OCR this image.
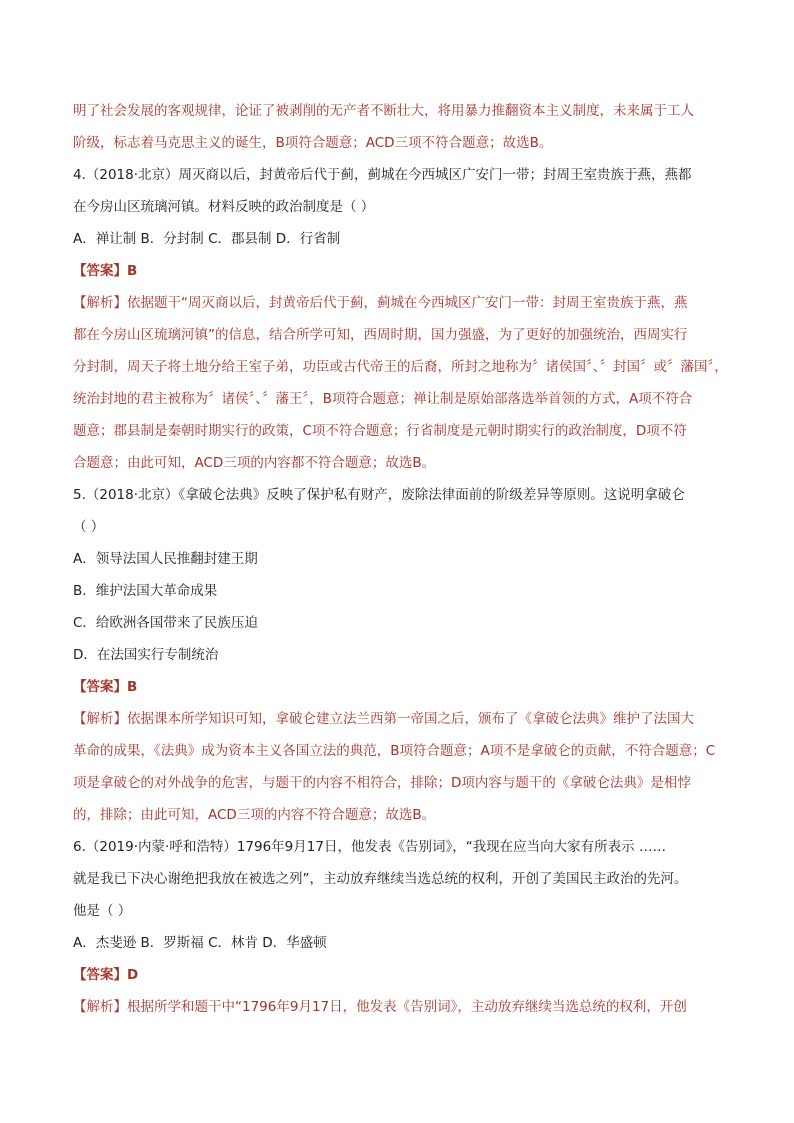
明了社会发展的客观规律，论证了被剥削的无产者不断壮大，将用暴力推翻资本主义制度，未来属于工人
阶级，标志着马克思主义的诞生，B项符合题意；ACD三项不符合题意；故选B。
4.（2018·北京）周灭商以后，封黄帝后代于蓟，蓟城在今西城区广安门一带；封周王室贵族于燕，燕都
在今房山区琉璃河镇。材料反映的政治制度是（ ）
A．禅让制 B．分封制 C．郡县制 D．行省制
【答案】B
【解析】依据题干“周灭商以后，封黄帝后代于蓟，蓟城在今西城区广安门一带：封周王室贵族于燕，燕
都在今房山区琉璃河镇”的信息，结合所学可知，西周时期，国力强盛，为了更好的加强统治，西周实行
分封制，周天子将土地分给王室子弟，功臣或古代帝王的后裔，所封之地称为〞诸侯国〞、〞封国〞或〞藩国〞，
统治封地的君主被称为〞诸侯〞、〞藩王〞，B项符合题意；禅让制是原始部落选举首领的方式，A项不符合
题意；郡县制是秦朝时期实行的政策，C项不符合题意；行省制度是元朝时期实行的政治制度，D项不符
合题意；由此可知，ACD三项的内容都不符合题意；故选B。
5.（2018·北京）《拿破仑法典》反映了保护私有财产，废除法律面前的阶级差异等原则。这说明拿破仑
（ ）
A．领导法国人民推翻封建王期
B．维护法国大革命成果
C．给欧洲各国带来了民族压迫
D．在法国实行专制统治
【答案】B
【解析】依据课本所学知识可知，拿破仑建立法兰西第一帝国之后，颁布了《拿破仑法典》维护了法国大
革命的成果，《法典》成为资本主义各国立法的典范，B项符合题意；A项不是拿破仑的贡献，不符合题意；C
项是拿破仑的对外战争的危害，与题干的内容不相符合，排除；D项内容与题干的《拿破仑法典》是相悖
的，排除；由此可知，ACD三项的内容不符合题意；故选B。
6.（2019·内蒙·呼和浩特）1796年9月17日，他发表《告别词》，“我现在应当向大家有所表示 ……
就是我已下决心谢绝把我放在被选之列”，主动放弃继续当选总统的权利，开创了美国民主政治的先河。
他是（ ）
A．杰斐逊 B．罗斯福 C．林肯 D．华盛顿
【答案】D
【解析】根据所学和题干中“1796年9月17日，他发表《告别词》，主动放弃继续当选总统的权利，开创
